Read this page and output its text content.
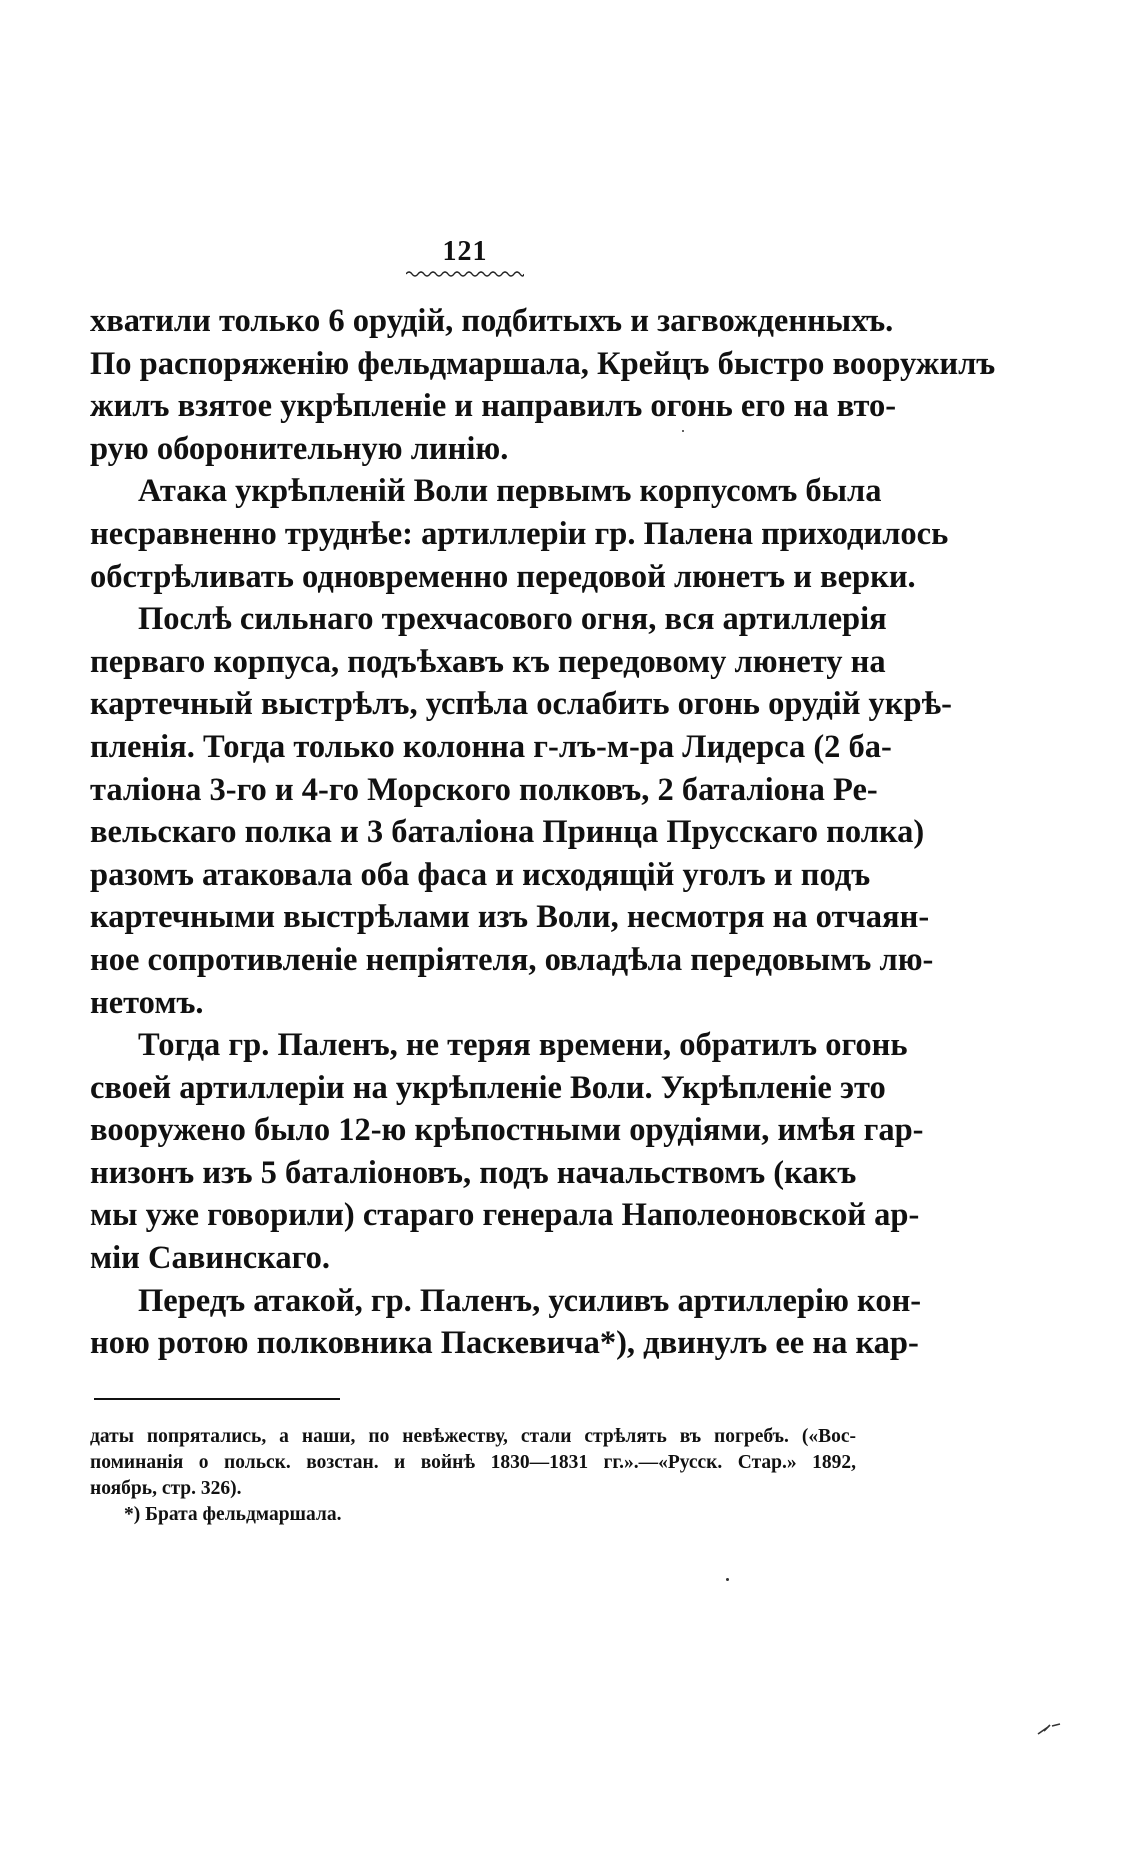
121
хватили только 6 орудій, подбитыхъ и загвожденныхъ.
По распоряженію фельдмаршала, Крейцъ быстро вооружилъ
жилъ взятое укрѣпленіе и направилъ огонь его на вто-
рую оборонительную линію.
Атака укрѣпленій Воли первымъ корпусомъ была
несравненно труднѣе: артиллеріи гр. Палена приходилось
обстрѣливать одновременно передовой люнетъ и верки.
Послѣ сильнаго трехчасового огня, вся артиллерія
перваго корпуса, подъѣхавъ къ передовому люнету на
картечный выстрѣлъ, успѣла ослабить огонь орудій укрѣ-
пленія. Тогда только колонна г-лъ-м-ра Лидерса (2 ба-
таліона 3-го и 4-го Морского полковъ, 2 баталіона Ре-
вельскаго полка и 3 баталіона Принца Прусскаго полка)
разомъ атаковала оба фаса и исходящій уголъ и подъ
картечными выстрѣлами изъ Воли, несмотря на отчаян-
ное сопротивленіе непріятеля, овладѣла передовымъ лю-
нетомъ.
Тогда гр. Паленъ, не теряя времени, обратилъ огонь
своей артиллеріи на укрѣпленіе Воли. Укрѣпленіе это
вооружено было 12-ю крѣпостными орудіями, имѣя гар-
низонъ изъ 5 баталіоновъ, подъ начальствомъ (какъ
мы уже говорили) стараго генерала Наполеоновской ар-
міи Савинскаго.
Передъ атакой, гр. Паленъ, усиливъ артиллерію кон-
ною ротою полковника Паскевича*), двинулъ ее на кар-
даты попрятались, а наши, по невѣжеству, стали стрѣлять въ погребъ. («Вос-
поминанія о польск. возстан. и войнѣ 1830—1831 гг.».—«Русск. Стар.» 1892,
ноябрь, стр. 326).
*) Брата фельдмаршала.
